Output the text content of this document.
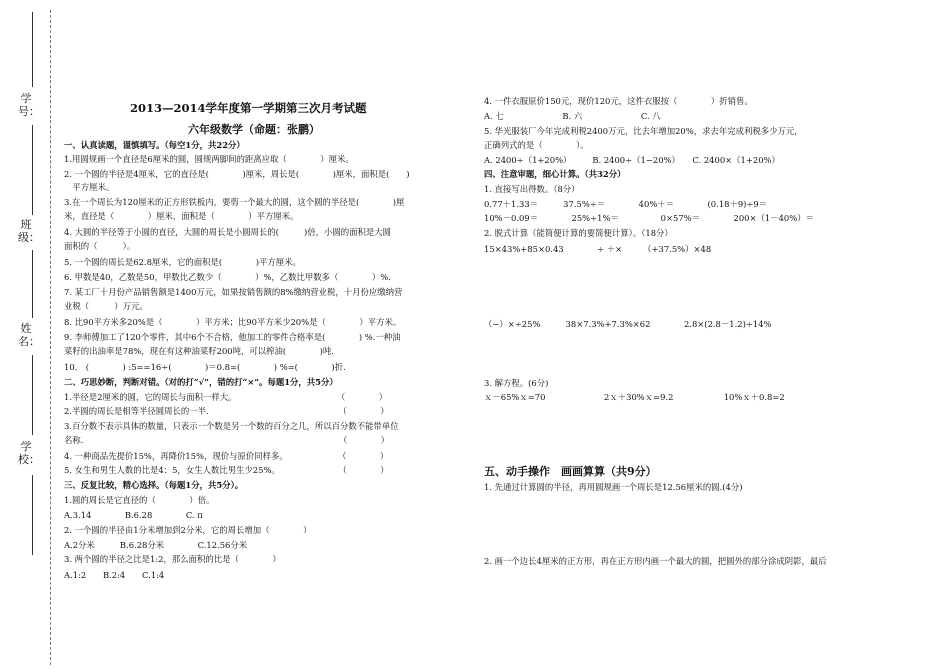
学号：
班级：
姓名：
学校：
2013—2014学年度第一学期第三次月考试题
六年级数学（命题：张鹏）
一、认真读题，谨慎填写。（每空1分，共22分）
1.用圆规画一个直径是6厘米的圆，圆规两脚间的距离应取（　　　　）厘米。
2. 一个圆的半径是4厘米，它的直径是(　　　　)厘米，周长是(　　　　)厘米，面积是(　　)
　平方厘米。
3.在一个周长为120厘米的正方形铁板内，要剪一个最大的圆，这个圆的半径是(　　　　)厘
米，直径是（　　　　）厘米，面积是（　　　　）平方厘米。
4. 大圆的半径等于小圆的直径，大圆的周长是小圆周长的(　　　)倍，小圆的面积是大圆
面积的（　　　）。
5. 一个圆的周长是62.8厘米，它的面积是(　　　　)平方厘米。
6. 甲数是40，乙数是50，甲数比乙数少（　　　　）%，乙数比甲数多（　　　　）%.
7. 某工厂十月份产品销售额是1400万元，如果按销售额的8%缴纳营业税，十月份应缴纳营
业税（　　　）万元。
8. 比90平方米多20%是（　　　　）平方米；比90平方米少20%是（　　　　）平方米。
9. 李师傅加工了120个零件，其中6个不合格，他加工的零件合格率是(　　　　) %.一种油
菜籽的出油率是78%，现在有这种油菜籽200吨，可以榨油(　　　　)吨.
10.　(　　　　) :5==16÷(　　　　)＝0.8=(　　　　) %=(　　　　)折.
二、巧思妙断，判断对错。（对的打“√”，错的打“×”。每题1分，共5分）
1.半径是2厘米的圆，它的周长与面积一样大。　　　　　　　　　　　　　（　　　　）
2.半圆的周长是相等半径圆周长的一半.　　　　　　　　　　　　　　　　（　　　　）
3.百分数不表示具体的数量，只表示一个数是另一个数的百分之几，所以百分数不能带单位
名称.　　　　　　　　　　　　　　　　　　　　　　　　　　　　　　　（　　　　）
4. 一种商品先提价15%，再降价15%，现价与原价同样多。　　　　　　　（　　　　）
5. 女生和男生人数的比是4：5，女生人数比男生少25%。　　　　　　　　（　　　　）
三、反复比较，精心选择。（每题1分，共5分）。
1.圆的周长是它直径的（　　　　）倍。
A.3.14　　　　B.6.28　　　　C. π
2. 一个圆的半径由1分米增加到2分米，它的周长增加（　　　　）
A.2分米　　　B.6.28分米　　　　C.12.56分米
3. 两个圆的半径之比是1:2，那么面积的比是（　　　　）
A.1:2　　B.2:4　　C.1:4
4. 一件衣服原价150元，现价120元，这件衣服按（　　　　）折销售。
A. 七　　　　　　　B. 六　　　　　　　C. 八
5. 华光服装厂今年完成利税2400万元，比去年增加20%，求去年完成利税多少万元，
正确列式的是（　　　　）。
A. 2400÷（1+20%）　　　B. 2400÷（1−20%）　　C. 2400×（1+20%）
四、注意审题，细心计算。（共32分）
1. 直接写出得数。（8分）
0.77＋1.33＝　　　37.5%÷＝　　　　40%＋＝　　　　(0.18＋9)÷9＝
10%－0.09＝　　　　25%÷1%＝　　　　　0×57%＝　　　　200×（1－40%）＝
2. 脱式计算（能简便计算的要简便计算）。（18分）
15×43%+85×0.43　　　　÷ ＋×　　　（+37.5%）×48
（−）×÷25%　　　38×7.3%+7.3%×62　　　　2.8×(2.8－1.2)÷14%
3. 解方程。(6分)
ｘ－65%ｘ=70　　　　　　　2ｘ＋30%ｘ=9.2　　　　　　10%ｘ＋0.8=2
五、动手操作　画画算算（共9分）
1. 先通过计算圆的半径，再用圆规画一个周长是12.56厘米的圆.(4分)
2. 画一个边长4厘米的正方形，再在正方形内画一个最大的圆，把圆外的部分涂成阴影，最后
